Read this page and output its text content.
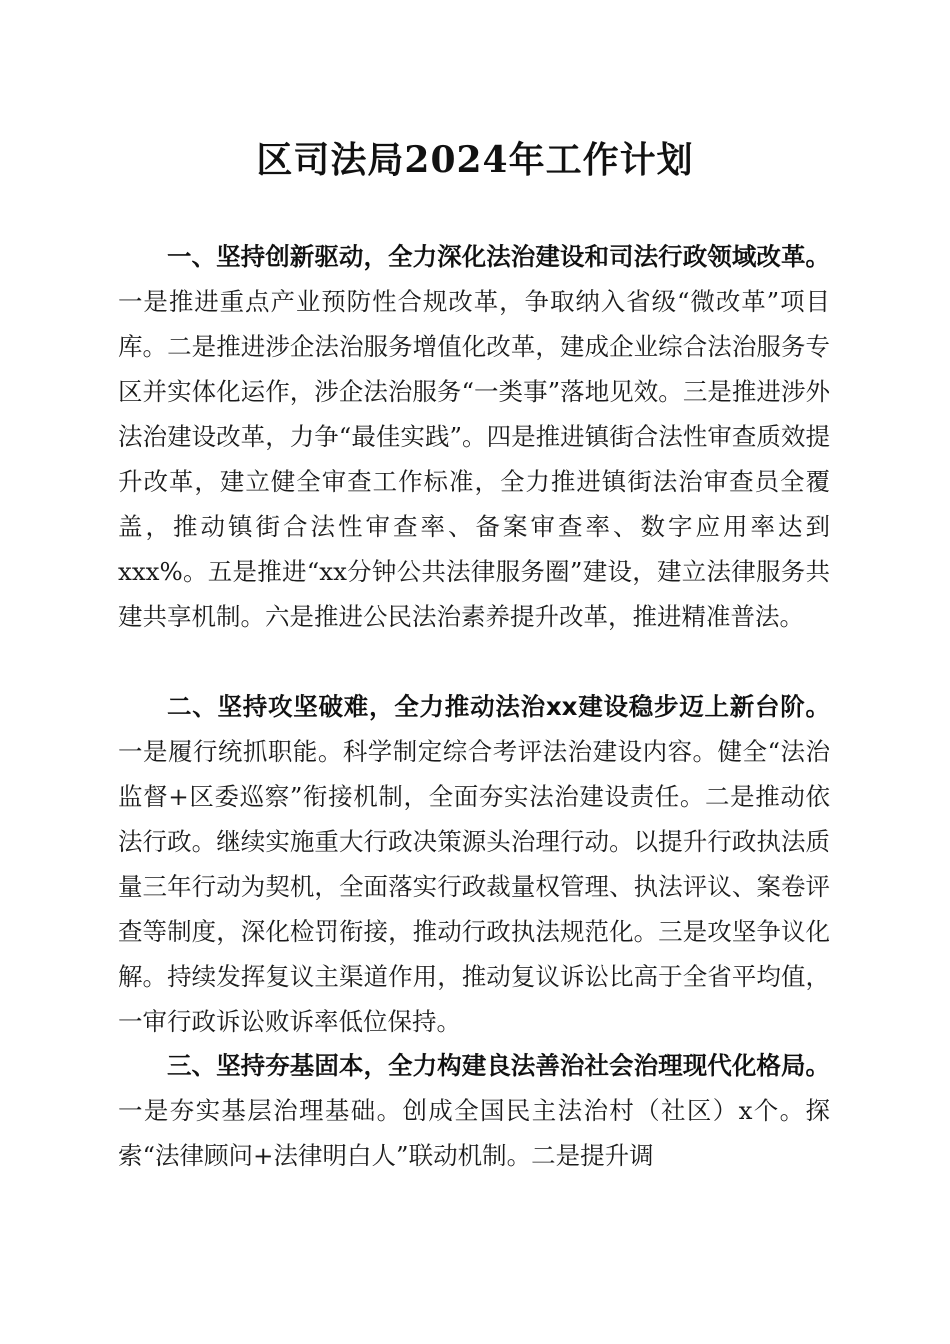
区司法局2024年工作计划

一、坚持创新驱动，全力深化法治建设和司法行政领域改革。一是推进重点产业预防性合规改革，争取纳入省级“微改革”项目库。二是推进涉企法治服务增值化改革，建成企业综合法治服务专区并实体化运作，涉企法治服务“一类事”落地见效。三是推进涉外法治建设改革，力争“最佳实践”。四是推进镇街合法性审查质效提升改革，建立健全审查工作标准，全力推进镇街法治审查员全覆盖，推动镇街合法性审查率、备案审查率、数字应用率达到xxx%。五是推进“xx分钟公共法律服务圈”建设，建立法律服务共建共享机制。六是推进公民法治素养提升改革，推进精准普法。

二、坚持攻坚破难，全力推动法治xx建设稳步迈上新台阶。一是履行统抓职能。科学制定综合考评法治建设内容。健全“法治监督+区委巡察”衔接机制，全面夯实法治建设责任。二是推动依法行政。继续实施重大行政决策源头治理行动。以提升行政执法质量三年行动为契机，全面落实行政裁量权管理、执法评议、案卷评查等制度，深化检罚衔接，推动行政执法规范化。三是攻坚争议化解。持续发挥复议主渠道作用，推动复议诉讼比高于全省平均值，一审行政诉讼败诉率低位保持。

三、坚持夯基固本，全力构建良法善治社会治理现代化格局。一是夯实基层治理基础。创成全国民主法治村（社区）x个。探索“法律顾问+法律明白人”联动机制。二是提升调
